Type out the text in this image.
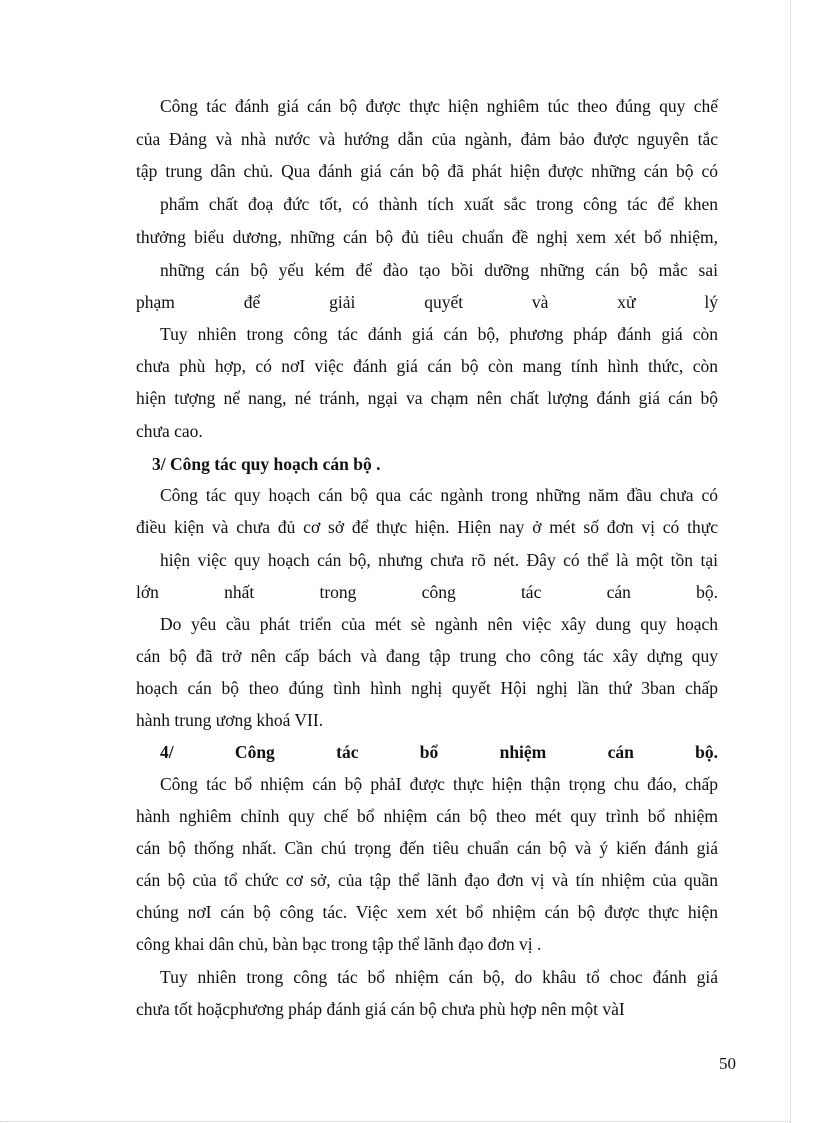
Công tác đánh giá cán bộ được thực hiện nghiêm túc theo đúng quy chế
của Đảng và nhà nước và hướng dẫn của ngành, đảm bảo được nguyên tắc
tập trung dân chủ. Qua đánh giá cán bộ đã phát hiện được những cán bộ có
phẩm chất đoạ đức tốt, có thành tích xuất sắc trong công tác để khen
thưởng biểu dương, những cán bộ đủ tiêu chuẩn đề nghị xem xét bổ nhiệm,
những cán bộ yếu kém để đào tạo bồi dưỡng những cán bộ mắc sai
phạm để giải quyết và xử lý
Tuy nhiên trong công tác đánh giá cán bộ, phương pháp đánh giá còn
chưa phù hợp, có nơI việc đánh giá cán bộ còn mang tính hình thức, còn
hiện tượng nể nang, né tránh, ngại va chạm nên chất lượng đánh giá cán bộ
chưa cao.
3/ Công tác quy hoạch cán bộ .
Công tác quy hoạch cán bộ qua các ngành trong những năm đầu chưa có
điều kiện và chưa đủ cơ sở để thực hiện. Hiện nay ở mét số đơn vị có thực
hiện việc quy hoạch cán bộ, nhưng chưa rõ nét. Đây có thể là một tồn tại
lớn nhất trong công tác cán bộ.
Do yêu cầu phát triển của mét sè ngành nên việc xây dung quy hoạch
cán bộ đã trở nên cấp bách và đang tập trung cho công tác xây dựng quy
hoạch cán bộ theo đúng tình hình nghị quyết Hội nghị lần thứ 3ban chấp
hành trung ương khoá VII.
4/ Công tác bổ nhiệm cán bộ.
Công tác bổ nhiệm cán bộ phảI được thực hiện thận trọng chu đáo, chấp
hành nghiêm chỉnh quy chế bổ nhiệm cán bộ theo mét quy trình bổ nhiệm
cán bộ thống nhất. Cần chú trọng đến tiêu chuẩn cán bộ và ý kiến đánh giá
cán bộ của tổ chức cơ sở, của tập thể lãnh đạo đơn vị và tín nhiệm của quần
chúng nơI cán bộ công tác. Việc xem xét bổ nhiệm cán bộ được thực hiện
công khai dân chủ, bàn bạc trong tập thể lãnh đạo đơn vị .
Tuy nhiên trong công tác bổ nhiệm cán bộ, do khâu tổ choc đánh giá
chưa tốt hoặcphương pháp đánh giá cán bộ chưa phù hợp nên một vàI
50
